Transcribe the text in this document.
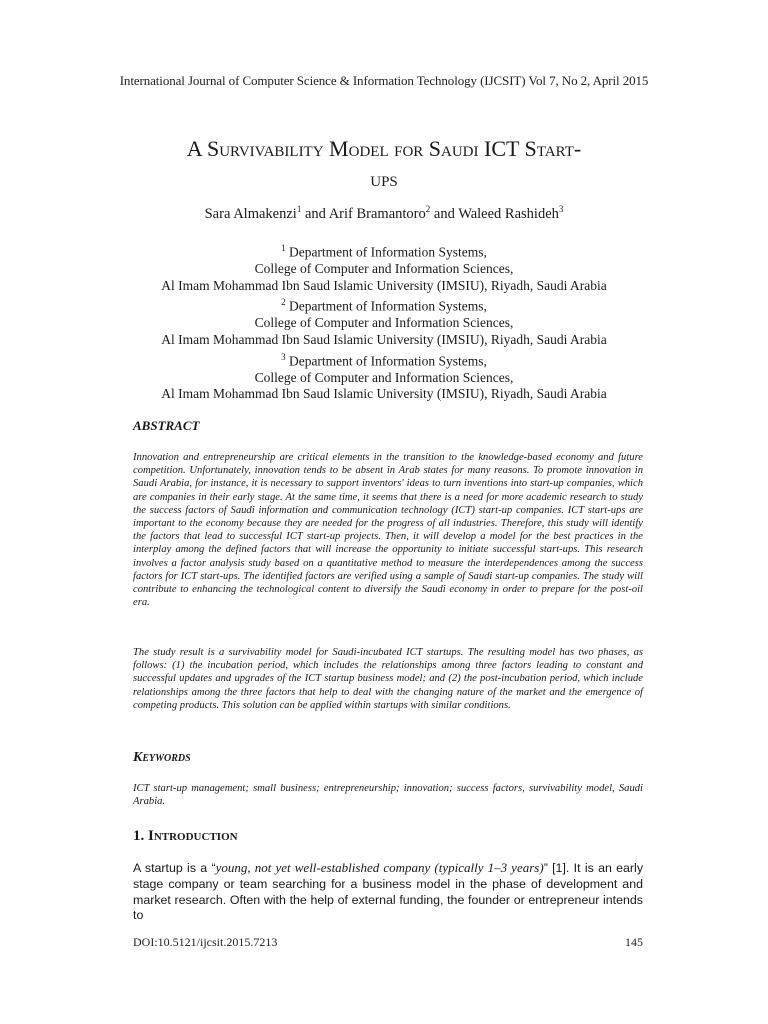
International Journal of Computer Science & Information Technology (IJCSIT) Vol 7, No 2, April 2015
A Survivability Model for Saudi ICT Start-
ups
Sara Almakenzi$^1$ and Arif Bramantoro$^2$ and Waleed Rashideh$^3$
$^1$ Department of Information Systems,
College of Computer and Information Sciences,
Al Imam Mohammad Ibn Saud Islamic University (IMSIU), Riyadh, Saudi Arabia
$^2$ Department of Information Systems,
College of Computer and Information Sciences,
Al Imam Mohammad Ibn Saud Islamic University (IMSIU), Riyadh, Saudi Arabia
$^3$ Department of Information Systems,
College of Computer and Information Sciences,
Al Imam Mohammad Ibn Saud Islamic University (IMSIU), Riyadh, Saudi Arabia
ABSTRACT

Innovation and entrepreneurship are critical elements in the transition to the knowledge-based economy and future competition. Unfortunately, innovation tends to be absent in Arab states for many reasons. To promote innovation in Saudi Arabia, for instance, it is necessary to support inventors' ideas to turn inventions into start-up companies, which are companies in their early stage. At the same time, it seems that there is a need for more academic research to study the success factors of Saudi information and communication technology (ICT) start-up companies. ICT start-ups are important to the economy because they are needed for the progress of all industries. Therefore, this study will identify the factors that lead to successful ICT start-up projects. Then, it will develop a model for the best practices in the interplay among the defined factors that will increase the opportunity to initiate successful start-ups. This research involves a factor analysis study based on a quantitative method to measure the interdependences among the success factors for ICT start-ups. The identified factors are verified using a sample of Saudi start-up companies. The study will contribute to enhancing the technological content to diversify the Saudi economy in order to prepare for the post-oil era.

The study result is a survivability model for Saudi-incubated ICT startups. The resulting model has two phases, as follows: (1) the incubation period, which includes the relationships among three factors leading to constant and successful updates and upgrades of the ICT startup business model; and (2) the post-incubation period, which include relationships among the three factors that help to deal with the changing nature of the market and the emergence of competing products. This solution can be applied within startups with similar conditions.

Keywords
ICT start-up management; small business; entrepreneurship; innovation; success factors, survivability model, Saudi Arabia.
1. Introduction
A startup is a “young, not yet well-established company (typically 1–3 years)” [1]. It is an early stage company or team searching for a business model in the phase of development and market research. Often with the help of external funding, the founder or entrepreneur intends to
DOI:10.5121/ijcsit.2015.7213	145
